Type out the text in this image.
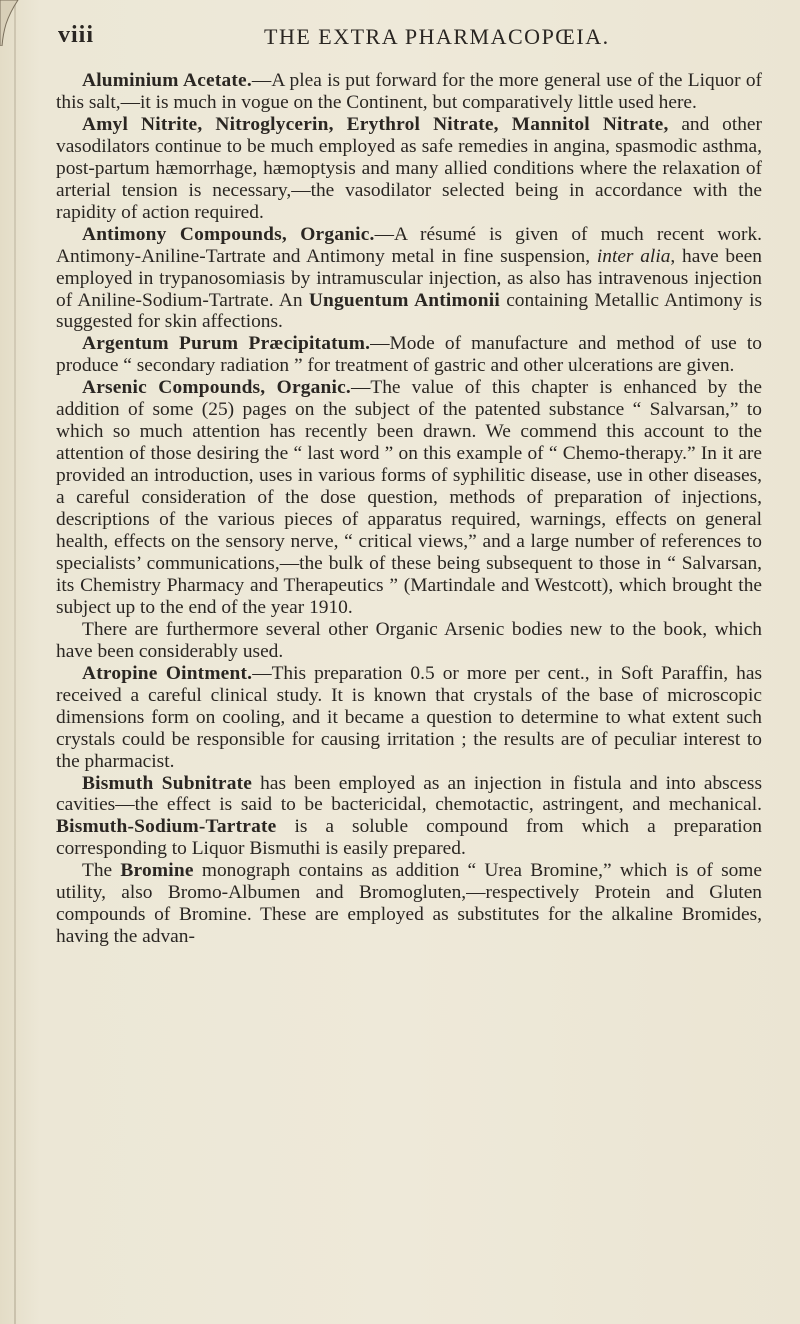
viii	THE EXTRA PHARMACOPŒIA.

Aluminium Acetate.—A plea is put forward for the more general use of the Liquor of this salt,—it is much in vogue on the Continent, but comparatively little used here.

Amyl Nitrite, Nitroglycerin, Erythrol Nitrate, Mannitol Nitrate, and other vasodilators continue to be much employed as safe remedies in angina, spasmodic asthma, post-partum hæmorrhage, hæmoptysis and many allied conditions where the relaxation of arterial tension is necessary,—the vasodilator selected being in accordance with the rapidity of action required.

Antimony Compounds, Organic.—A résumé is given of much recent work. Antimony-Aniline-Tartrate and Antimony metal in fine suspension, inter alia, have been employed in trypanosomiasis by intramuscular injection, as also has intravenous injection of Aniline-Sodium-Tartrate. An Unguentum Antimonii containing Metallic Antimony is suggested for skin affections.

Argentum Purum Præcipitatum.—Mode of manufacture and method of use to produce “ secondary radiation ” for treatment of gastric and other ulcerations are given.

Arsenic Compounds, Organic.—The value of this chapter is enhanced by the addition of some (25) pages on the subject of the patented substance “ Salvarsan,” to which so much attention has recently been drawn. We commend this account to the attention of those desiring the “ last word ” on this example of “ Chemo-therapy.” In it are provided an introduction, uses in various forms of syphilitic disease, use in other diseases, a careful consideration of the dose question, methods of preparation of injections, descriptions of the various pieces of apparatus required, warnings, effects on general health, effects on the sensory nerve, “ critical views,” and a large number of references to specialists’ communications,—the bulk of these being subsequent to those in “ Salvarsan, its Chemistry Pharmacy and Therapeutics ” (Martindale and Westcott), which brought the subject up to the end of the year 1910.

There are furthermore several other Organic Arsenic bodies new to the book, which have been considerably used.

Atropine Ointment.—This preparation 0.5 or more per cent., in Soft Paraffin, has received a careful clinical study. It is known that crystals of the base of microscopic dimensions form on cooling, and it became a question to determine to what extent such crystals could be responsible for causing irritation ; the results are of peculiar interest to the pharmacist.

Bismuth Subnitrate has been employed as an injection in fistula and into abscess cavities—the effect is said to be bactericidal, chemotactic, astringent, and mechanical. Bismuth-Sodium-Tartrate is a soluble compound from which a preparation corresponding to Liquor Bismuthi is easily prepared.

The Bromine monograph contains as addition “ Urea Bromine,” which is of some utility, also Bromo-Albumen and Bromogluten,—respectively Protein and Gluten compounds of Bromine. These are employed as substitutes for the alkaline Bromides, having the advan-
